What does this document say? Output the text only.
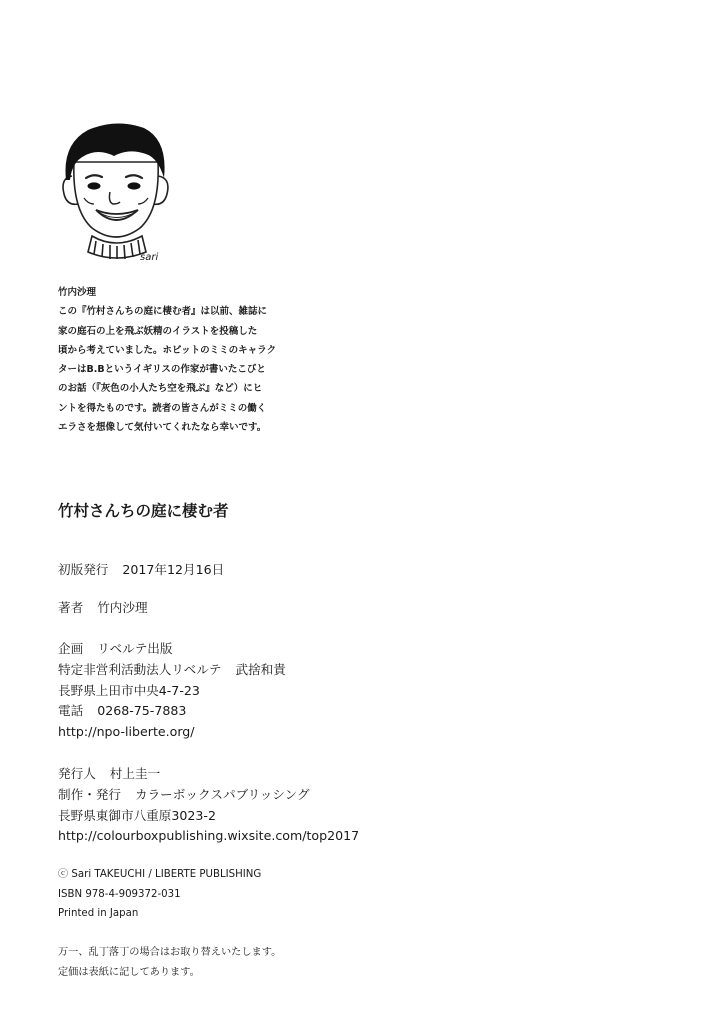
sari
竹内沙理
この『竹村さんちの庭に棲む者』は以前、雑誌に
家の庭石の上を飛ぶ妖精のイラストを投稿した
頃から考えていました。ホビットのミミのキャラク
ターはB.Bというイギリスの作家が書いたこびと
のお話（『灰色の小人たち空を飛ぶ』など）にヒ
ントを得たものです。読者の皆さんがミミの働く
エラさを想像して気付いてくれたなら幸いです。
竹村さんちの庭に棲む者
初版発行 2017年12月16日
著者 竹内沙理
企画 リベルテ出版
特定非営利活動法人リベルテ 武捨和貴
長野県上田市中央4-7-23
電話 0268-75-7883
http://npo-liberte.org/
発行人 村上圭一
制作・発行 カラーボックスパブリッシング
長野県東御市八重原3023-2
http://colourboxpublishing.wixsite.com/top2017
ⓒ Sari TAKEUCHI / LIBERTE PUBLISHING
ISBN 978-4-909372-031
Printed in Japan
万一、乱丁落丁の場合はお取り替えいたします。
定価は表紙に記してあります。
